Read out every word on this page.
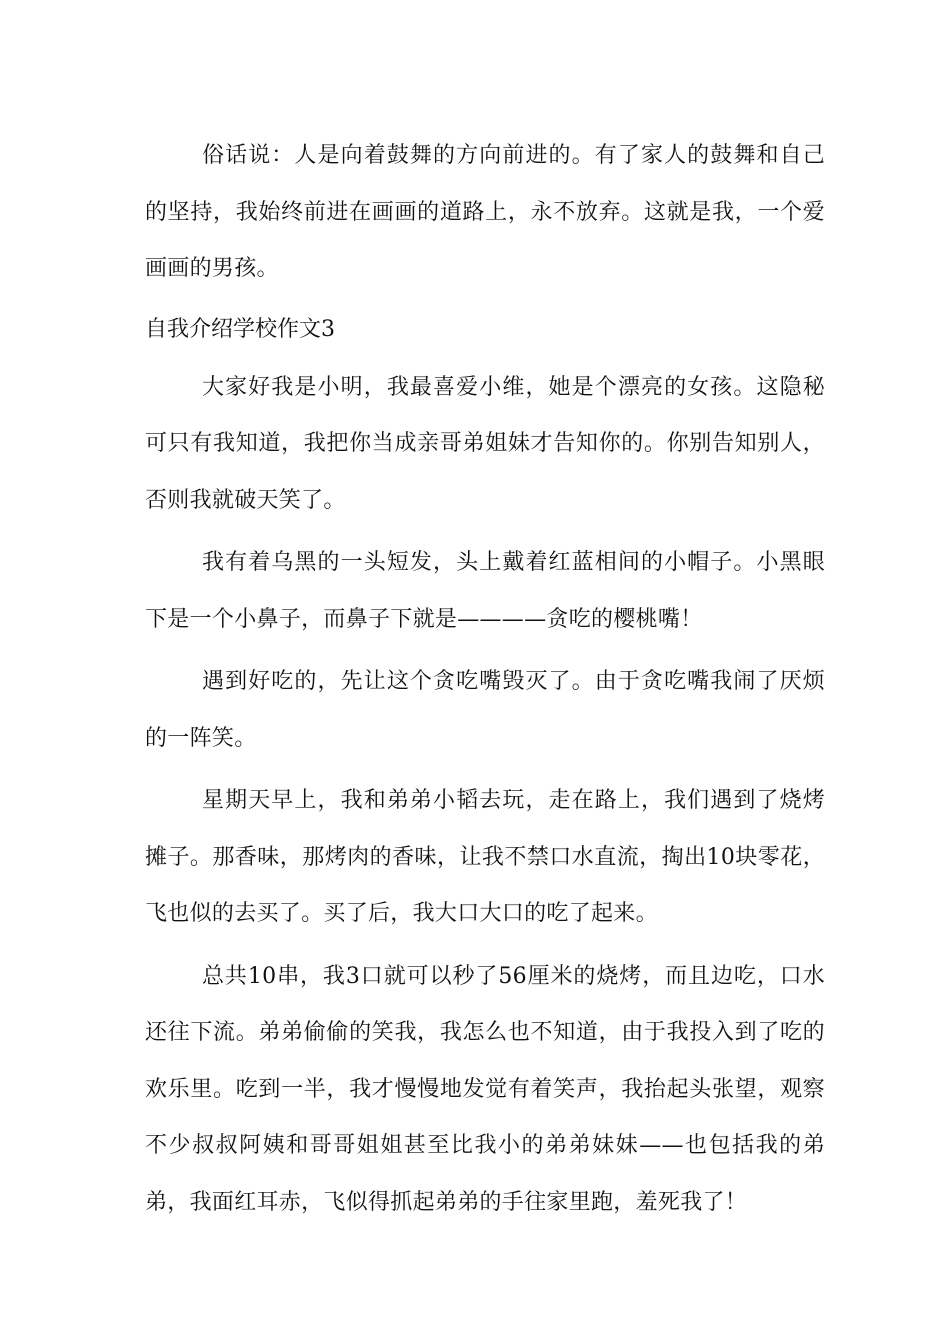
俗话说：人是向着鼓舞的方向前进的。有了家人的鼓舞和自己的坚持，我始终前进在画画的道路上，永不放弃。这就是我，一个爱画画的男孩。

自我介绍学校作文3

大家好我是小明，我最喜爱小维，她是个漂亮的女孩。这隐秘可只有我知道，我把你当成亲哥弟姐妹才告知你的。你别告知别人，否则我就破天笑了。

我有着乌黑的一头短发，头上戴着红蓝相间的小帽子。小黑眼下是一个小鼻子，而鼻子下就是————贪吃的樱桃嘴！

遇到好吃的，先让这个贪吃嘴毁灭了。由于贪吃嘴我闹了厌烦的一阵笑。

星期天早上，我和弟弟小韬去玩，走在路上，我们遇到了烧烤摊子。那香味，那烤肉的香味，让我不禁口水直流，掏出10块零花，飞也似的去买了。买了后，我大口大口的吃了起来。

总共10串，我3口就可以秒了56厘米的烧烤，而且边吃，口水还往下流。弟弟偷偷的笑我，我怎么也不知道，由于我投入到了吃的欢乐里。吃到一半，我才慢慢地发觉有着笑声，我抬起头张望，观察不少叔叔阿姨和哥哥姐姐甚至比我小的弟弟妹妹——也包括我的弟弟，我面红耳赤，飞似得抓起弟弟的手往家里跑，羞死我了！
